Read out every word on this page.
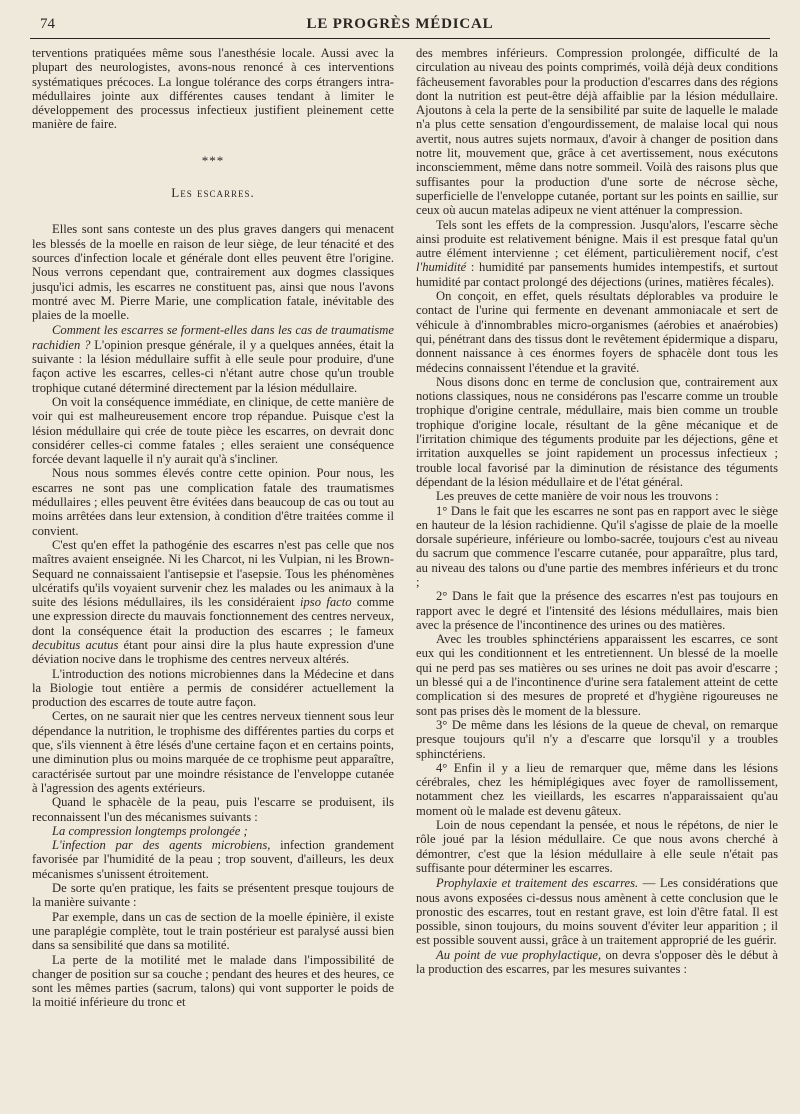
74	LE PROGRÈS MÉDICAL

terventions pratiquées même sous l'anesthésie locale. Aussi avec la plupart des neurologistes, avons-nous renoncé à ces interventions systématiques précoces. La longue tolérance des corps étrangers intra-médullaires jointe aux différentes causes tendant à limiter le développement des processus infectieux justifient pleinement cette manière de faire.

***
Les escarres.

Elles sont sans conteste un des plus graves dangers qui menacent les blessés de la moelle en raison de leur siège, de leur ténacité et des sources d'infection locale et générale dont elles peuvent être l'origine. Nous verrons cependant que, contrairement aux dogmes classiques jusqu'ici admis, les escarres ne constituent pas, ainsi que nous l'avons montré avec M. Pierre Marie, une complication fatale, inévitable des plaies de la moelle.

Comment les escarres se forment-elles dans les cas de traumatisme rachidien ? L'opinion presque générale, il y a quelques années, était la suivante : la lésion médullaire suffit à elle seule pour produire, d'une façon active les escarres, celles-ci n'étant autre chose qu'un trouble trophique cutané déterminé directement par la lésion médullaire.

On voit la conséquence immédiate, en clinique, de cette manière de voir qui est malheureusement encore trop répandue. Puisque c'est la lésion médullaire qui crée de toute pièce les escarres, on devrait donc considérer celles-ci comme fatales ; elles seraient une conséquence forcée devant laquelle il n'y aurait qu'à s'incliner.

Nous nous sommes élevés contre cette opinion. Pour nous, les escarres ne sont pas une complication fatale des traumatismes médullaires ; elles peuvent être évitées dans beaucoup de cas ou tout au moins arrêtées dans leur extension, à condition d'être traitées comme il convient.

C'est qu'en effet la pathogénie des escarres n'est pas celle que nos maîtres avaient enseignée. Ni les Charcot, ni les Vulpian, ni les Brown-Sequard ne connaissaient l'antisepsie et l'asepsie. Tous les phénomènes ulcératifs qu'ils voyaient survenir chez les malades ou les animaux à la suite des lésions médullaires, ils les considéraient ipso facto comme une expression directe du mauvais fonctionnement des centres nerveux, dont la conséquence était la production des escarres ; le fameux decubitus acutus étant pour ainsi dire la plus haute expression d'une déviation nocive dans le trophisme des centres nerveux altérés.

L'introduction des notions microbiennes dans la Médecine et dans la Biologie tout entière a permis de considérer actuellement la production des escarres de toute autre façon.

Certes, on ne saurait nier que les centres nerveux tiennent sous leur dépendance la nutrition, le trophisme des différentes parties du corps et que, s'ils viennent à être lésés d'une certaine façon et en certains points, une diminution plus ou moins marquée de ce trophisme peut apparaître, caractérisée surtout par une moindre résistance de l'enveloppe cutanée à l'agression des agents extérieurs.

Quand le sphacèle de la peau, puis l'escarre se produisent, ils reconnaissent l'un des mécanismes suivants :

La compression longtemps prolongée ;

L'infection par des agents microbiens, infection grandement favorisée par l'humidité de la peau ; trop souvent, d'ailleurs, les deux mécanismes s'unissent étroitement.

De sorte qu'en pratique, les faits se présentent presque toujours de la manière suivante :

Par exemple, dans un cas de section de la moelle épinière, il existe une paraplégie complète, tout le train postérieur est paralysé aussi bien dans sa sensibilité que dans sa motilité.

La perte de la motilité met le malade dans l'impossibilité de changer de position sur sa couche ; pendant des heures et des heures, ce sont les mêmes parties (sacrum, talons) qui vont supporter le poids de la moitié inférieure du tronc et

des membres inférieurs. Compression prolongée, difficulté de la circulation au niveau des points comprimés, voilà déjà deux conditions fâcheusement favorables pour la production d'escarres dans des régions dont la nutrition est peut-être déjà affaiblie par la lésion médullaire. Ajoutons à cela la perte de la sensibilité par suite de laquelle le malade n'a plus cette sensation d'engourdissement, de malaise local qui nous avertit, nous autres sujets normaux, d'avoir à changer de position dans notre lit, mouvement que, grâce à cet avertissement, nous exécutons inconsciemment, même dans notre sommeil. Voilà des raisons plus que suffisantes pour la production d'une sorte de nécrose sèche, superficielle de l'enveloppe cutanée, portant sur les points en saillie, sur ceux où aucun matelas adipeux ne vient atténuer la compression.

Tels sont les effets de la compression. Jusqu'alors, l'escarre sèche ainsi produite est relativement bénigne. Mais il est presque fatal qu'un autre élément intervienne ; cet élément, particulièrement nocif, c'est l'humidité : humidité par pansements humides intempestifs, et surtout humidité par contact prolongé des déjections (urines, matières fécales).

On conçoit, en effet, quels résultats déplorables va produire le contact de l'urine qui fermente en devenant ammoniacale et sert de véhicule à d'innombrables micro-organismes (aérobies et anaérobies) qui, pénétrant dans des tissus dont le revêtement épidermique a disparu, donnent naissance à ces énormes foyers de sphacèle dont tous les médecins connaissent l'étendue et la gravité.

Nous disons donc en terme de conclusion que, contrairement aux notions classiques, nous ne considérons pas l'escarre comme un trouble trophique d'origine centrale, médullaire, mais bien comme un trouble trophique d'origine locale, résultant de la gêne mécanique et de l'irritation chimique des téguments produite par les déjections, gêne et irritation auxquelles se joint rapidement un processus infectieux ; trouble local favorisé par la diminution de résistance des téguments dépendant de la lésion médullaire et de l'état général.

Les preuves de cette manière de voir nous les trouvons :

1° Dans le fait que les escarres ne sont pas en rapport avec le siège en hauteur de la lésion rachidienne. Qu'il s'agisse de plaie de la moelle dorsale supérieure, inférieure ou lombo-sacrée, toujours c'est au niveau du sacrum que commence l'escarre cutanée, pour apparaître, plus tard, au niveau des talons ou d'une partie des membres inférieurs et du tronc ;

2° Dans le fait que la présence des escarres n'est pas toujours en rapport avec le degré et l'intensité des lésions médullaires, mais bien avec la présence de l'incontinence des urines ou des matières.

Avec les troubles sphinctériens apparaissent les escarres, ce sont eux qui les conditionnent et les entretiennent. Un blessé de la moelle qui ne perd pas ses matières ou ses urines ne doit pas avoir d'escarre ; un blessé qui a de l'incontinence d'urine sera fatalement atteint de cette complication si des mesures de propreté et d'hygiène rigoureuses ne sont pas prises dès le moment de la blessure.

3° De même dans les lésions de la queue de cheval, on remarque presque toujours qu'il n'y a d'escarre que lorsqu'il y a troubles sphinctériens.

4° Enfin il y a lieu de remarquer que, même dans les lésions cérébrales, chez les hémiplégiques avec foyer de ramollissement, notamment chez les vieillards, les escarres n'apparaissaient qu'au moment où le malade est devenu gâteux.

Loin de nous cependant la pensée, et nous le répétons, de nier le rôle joué par la lésion médullaire. Ce que nous avons cherché à démontrer, c'est que la lésion médullaire à elle seule n'était pas suffisante pour déterminer les escarres.

Prophylaxie et traitement des escarres. — Les considérations que nous avons exposées ci-dessus nous amènent à cette conclusion que le pronostic des escarres, tout en restant grave, est loin d'être fatal. Il est possible, sinon toujours, du moins souvent d'éviter leur apparition ; il est possible souvent aussi, grâce à un traitement approprié de les guérir.

Au point de vue prophylactique, on devra s'opposer dès le début à la production des escarres, par les mesures suivantes :
